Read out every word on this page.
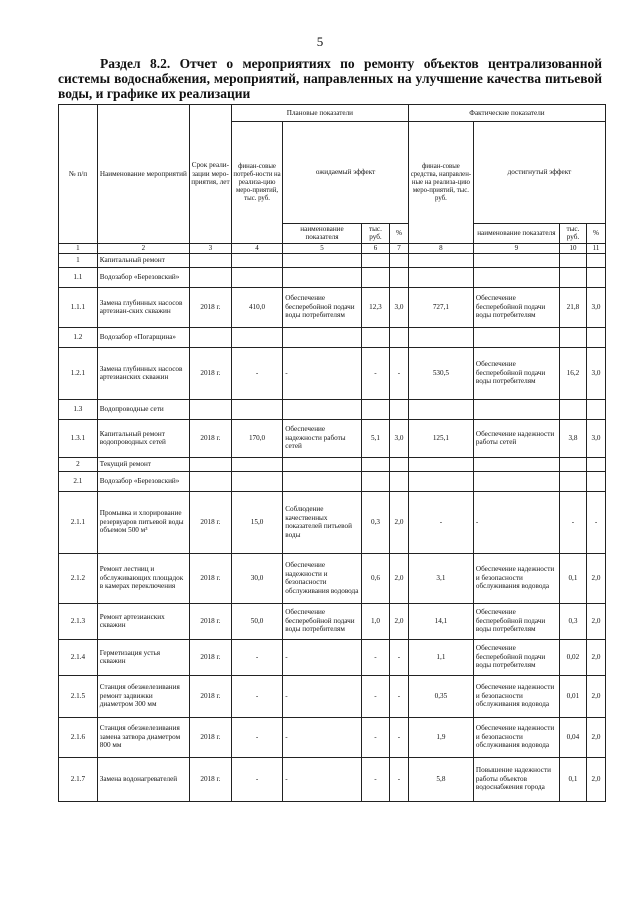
5
Раздел 8.2. Отчет о мероприятиях по ремонту объектов централизованной системы водоснабжения, мероприятий, направленных на улучшение качества питьевой воды, и графике их реализации
№ п/п	Наименование мероприятий	Срок реали-зации меро-приятия, лет	Плановые показатели				Фактические показатели			
			финан-совые потреб-ности на реализа-цию меро-приятий, тыс. руб.	ожидаемый эффект			финан-совые средства, направлен-ные на реализа-цию меро-приятий, тыс. руб.	достигнутый эффект		
				наименование показателя	тыс. руб.	%		наименование показателя	тыс. руб.	%
1	2	3	4	5	6	7	8	9	10	11
1	Капитальный ремонт									
1.1	Водозабор «Березовский»									
1.1.1	Замена глубинных насосов артезиан-ских скважин	2018 г.	410,0	Обеспечение бесперебойной подачи воды потребителям	12,3	3,0	727,1	Обеспечение бесперебойной подачи воды потребителям	21,8	3,0
1.2	Водозабор «Погарщина»									
1.2.1	Замена глубинных насосов артезианских скважин	2018 г.	-	-	-	-	530,5	Обеспечение бесперебойной подачи воды потребителям	16,2	3,0
1.3	Водопроводные сети									
1.3.1	Капитальный ремонт водопроводных сетей	2018 г.	170,0	Обеспечение надежности работы сетей	5,1	3,0	125,1	Обеспечение надежности работы сетей	3,8	3,0
2	Текущий ремонт									
2.1	Водозабор «Березовский»									
2.1.1	Промывка и хлорирование резервуаров питьевой воды объемом 500 м³	2018 г.	15,0	Соблюдение качественных показателей питьевой воды	0,3	2,0	-	-	-	-
2.1.2	Ремонт лестниц и обслуживающих площадок в камерах переключения	2018 г.	30,0	Обеспечение надежности и безопасности обслуживания водовода	0,6	2,0	3,1	Обеспечение надежности и безопасности обслуживания водовода	0,1	2,0
2.1.3	Ремонт артезианских скважин	2018 г.	50,0	Обеспечение бесперебойной подачи воды потребителям	1,0	2,0	14,1	Обеспечение бесперебойной подачи воды потребителям	0,3	2,0
2.1.4	Герметизация устья скважин	2018 г.	-	-	-	-	1,1	Обеспечение бесперебойной подачи воды потребителям	0,02	2,0
2.1.5	Станция обезжелезивания ремонт задвижки диаметром 300 мм	2018 г.	-	-	-	-	0,35	Обеспечение надежности и безопасности обслуживания водовода	0,01	2,0
2.1.6	Станция обезжелезивания замена затвора диаметром 800 мм	2018 г.	-	-	-	-	1,9	Обеспечение надежности и безопасности обслуживания водовода	0,04	2,0
2.1.7	Замена водонагревателей	2018 г.	-	-	-	-	5,8	Повышение надежности работы объектов водоснабжения города	0,1	2,0
